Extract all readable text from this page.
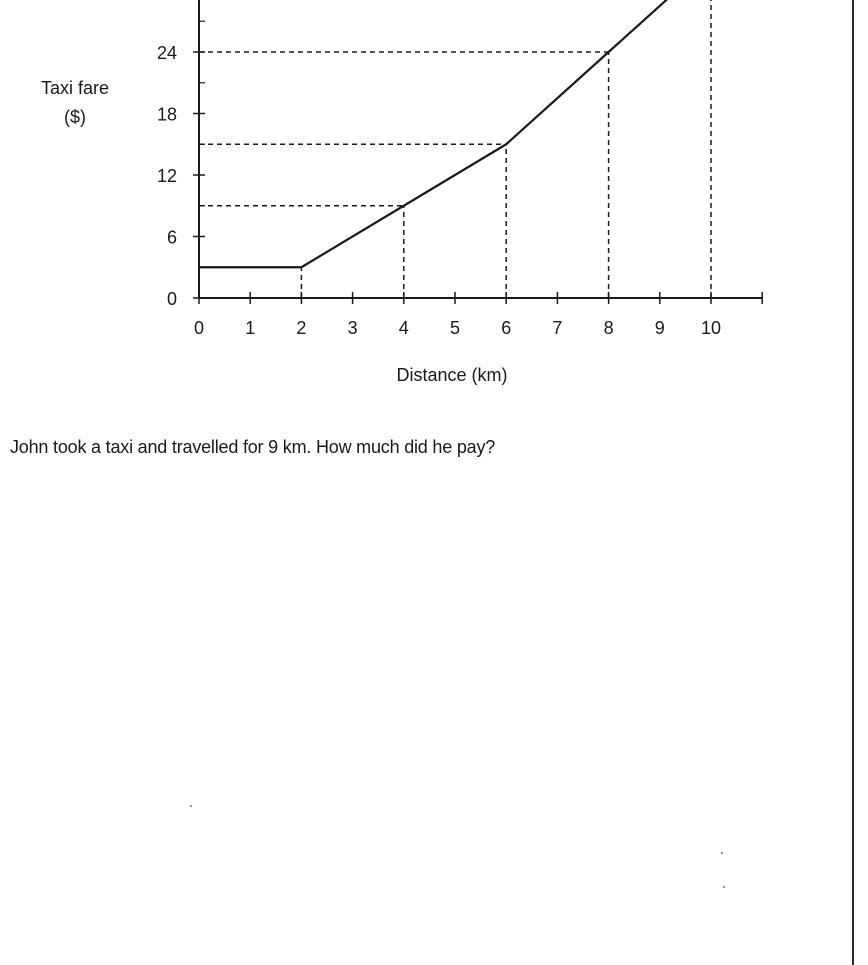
0 1 2 3 4 5 6 7 8 9 10
0
6
12
18
24
Taxi fare
($)
Distance (km)
John took a taxi and travelled for 9 km. How much did he pay?
